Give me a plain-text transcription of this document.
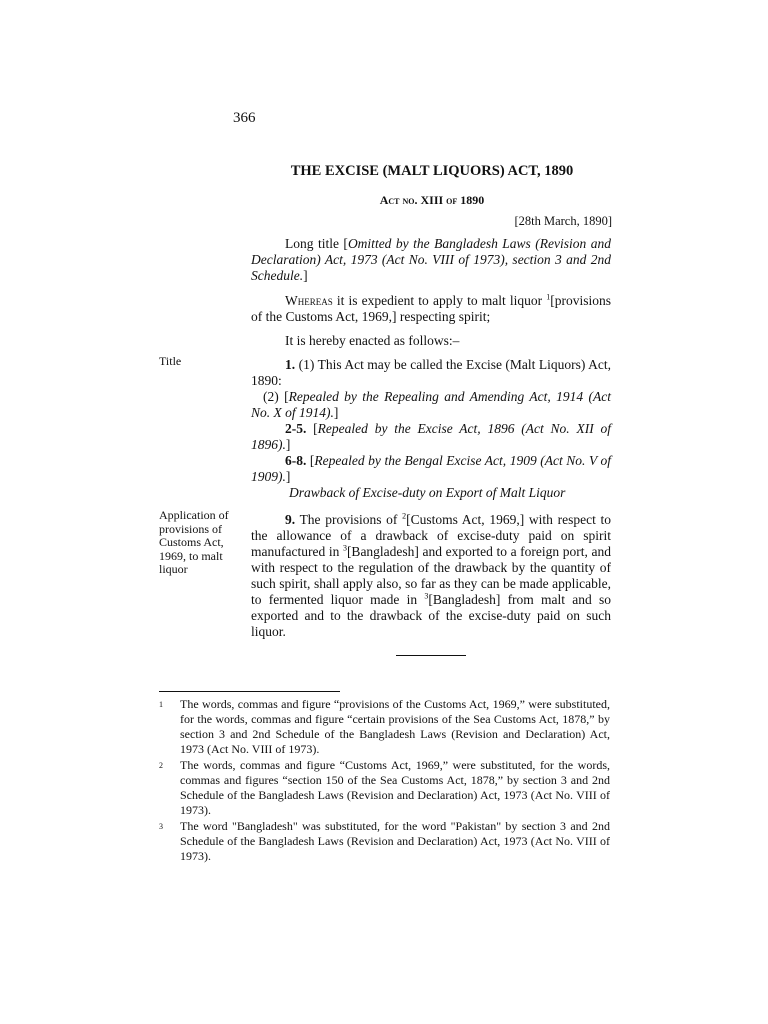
366
THE EXCISE (MALT LIQUORS) ACT, 1890
Act no. XIII of 1890
[28th March, 1890]

Long title [Omitted by the Bangladesh Laws (Revision and Declaration) Act, 1973 (Act No. VIII of 1973), section 3 and 2nd Schedule.]

Whereas it is expedient to apply to malt liquor $^1$[provisions of the Customs Act, 1969,] respecting spirit;

It is hereby enacted as follows:–

Title
Application of provisions of Customs Act, 1969, to malt liquor

1. (1) This Act may be called the Excise (Malt Liquors) Act, 1890:

(2) [Repealed by the Repealing and Amending Act, 1914 (Act No. X of 1914).]

2-5. [Repealed by the Excise Act, 1896 (Act No. XII of 1896).]

6-8. [Repealed by the Bengal Excise Act, 1909 (Act No. V of 1909).]

Drawback of Excise-duty on Export of Malt Liquor

9. The provisions of $^2$[Customs Act, 1969,] with respect to the allowance of a drawback of excise-duty paid on spirit manufactured in $^3$[Bangladesh] and exported to a foreign port, and with respect to the regulation of the drawback by the quantity of such spirit, shall apply also, so far as they can be made applicable, to fermented liquor made in $^3$[Bangladesh] from malt and so exported and to the drawback of the excise-duty paid on such liquor.

1 The words, commas and figure “provisions of the Customs Act, 1969,” were substituted, for the words, commas and figure “certain provisions of the Sea Customs Act, 1878,” by section 3 and 2nd Schedule of the Bangladesh Laws (Revision and Declaration) Act, 1973 (Act No. VIII of 1973).
2 The words, commas and figure “Customs Act, 1969,” were substituted, for the words, commas and figures “section 150 of the Sea Customs Act, 1878,” by section 3 and 2nd Schedule of the Bangladesh Laws (Revision and Declaration) Act, 1973 (Act No. VIII of 1973).
3 The word "Bangladesh" was substituted, for the word "Pakistan" by section 3 and 2nd Schedule of the Bangladesh Laws (Revision and Declaration) Act, 1973 (Act No. VIII of 1973).
